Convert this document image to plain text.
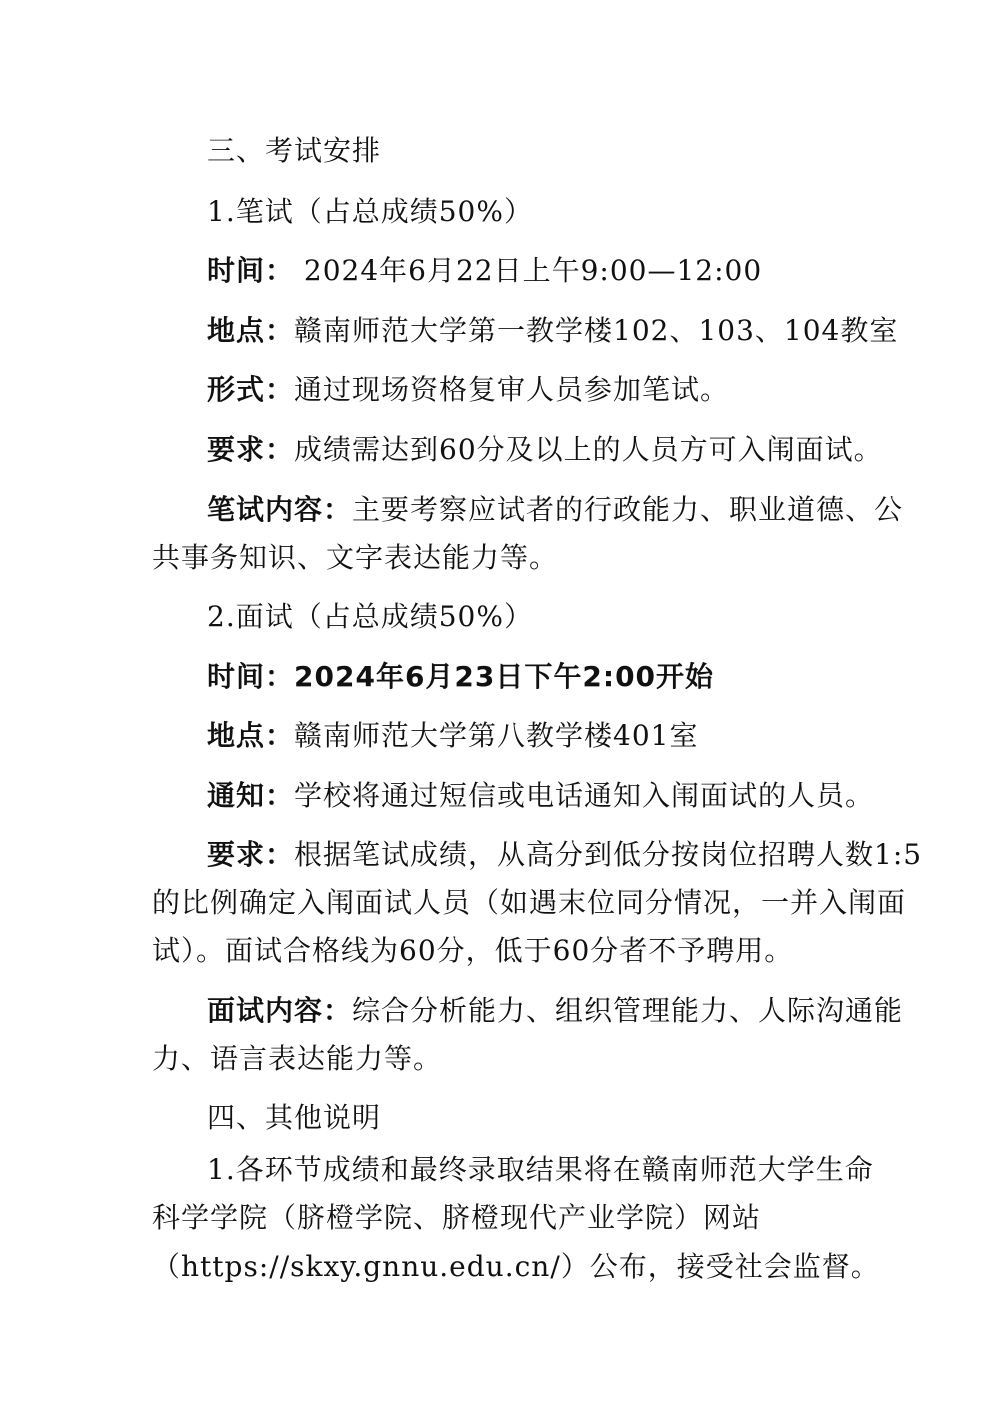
三、考试安排
1.笔试（占总成绩50%）
时间： 2024年6月22日上午9:00—12:00
地点：赣南师范大学第一教学楼102、103、104教室
形式：通过现场资格复审人员参加笔试。
要求：成绩需达到60分及以上的人员方可入闱面试。
笔试内容：主要考察应试者的行政能力、职业道德、公
共事务知识、文字表达能力等。
2.面试（占总成绩50%）
时间：2024年6月23日下午2:00开始
地点：赣南师范大学第八教学楼401室
通知：学校将通过短信或电话通知入闱面试的人员。
要求：根据笔试成绩，从高分到低分按岗位招聘人数1:5
的比例确定入闱面试人员（如遇末位同分情况，一并入闱面
试）。面试合格线为60分，低于60分者不予聘用。
面试内容：综合分析能力、组织管理能力、人际沟通能
力、语言表达能力等。
四、其他说明
1.各环节成绩和最终录取结果将在赣南师范大学生命
科学学院（脐橙学院、脐橙现代产业学院）网站
（https://skxy.gnnu.edu.cn/）公布，接受社会监督。
